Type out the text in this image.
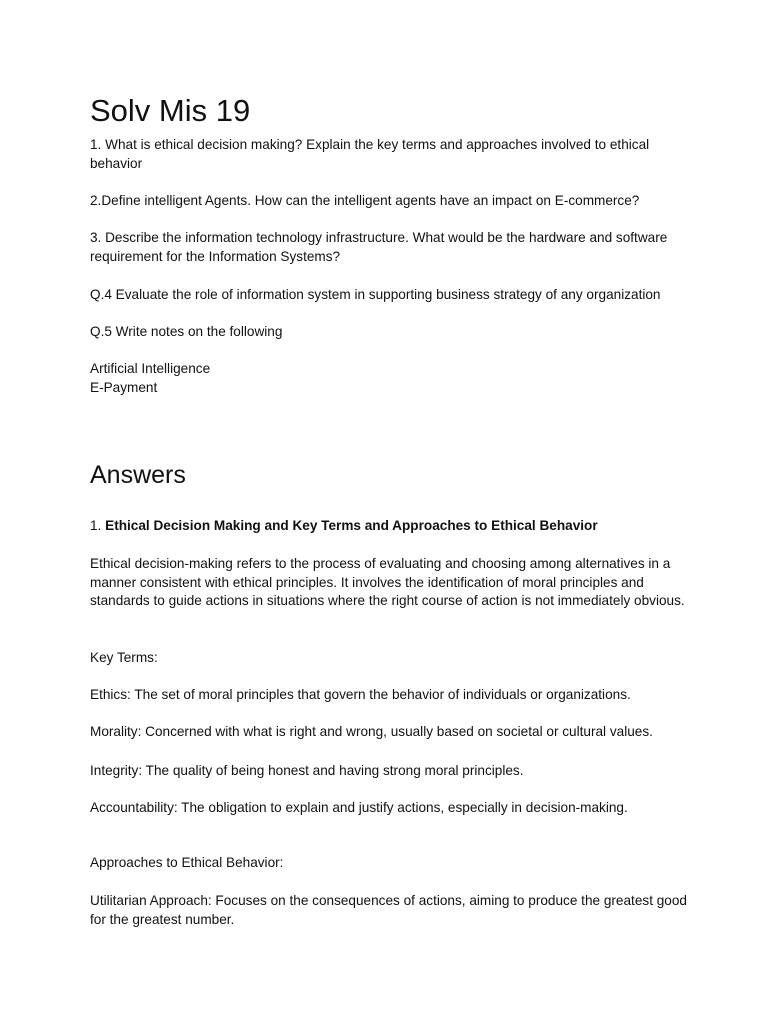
Solv Mis 19

1. What is ethical decision making? Explain the key terms and approaches involved to ethical behavior

2.Define intelligent Agents. How can the intelligent agents have an impact on E-commerce?

3. Describe the information technology infrastructure. What would be the hardware and software requirement for the Information Systems?

Q.4 Evaluate the role of information system in supporting business strategy of any organization

Q.5 Write notes on the following

Artificial Intelligence

E-Payment

Answers

1. Ethical Decision Making and Key Terms and Approaches to Ethical Behavior

Ethical decision-making refers to the process of evaluating and choosing among alternatives in a manner consistent with ethical principles. It involves the identification of moral principles and standards to guide actions in situations where the right course of action is not immediately obvious.

Key Terms:

Ethics: The set of moral principles that govern the behavior of individuals or organizations.

Morality: Concerned with what is right and wrong, usually based on societal or cultural values.

Integrity: The quality of being honest and having strong moral principles.

Accountability: The obligation to explain and justify actions, especially in decision-making.

Approaches to Ethical Behavior:

Utilitarian Approach: Focuses on the consequences of actions, aiming to produce the greatest good for the greatest number.
